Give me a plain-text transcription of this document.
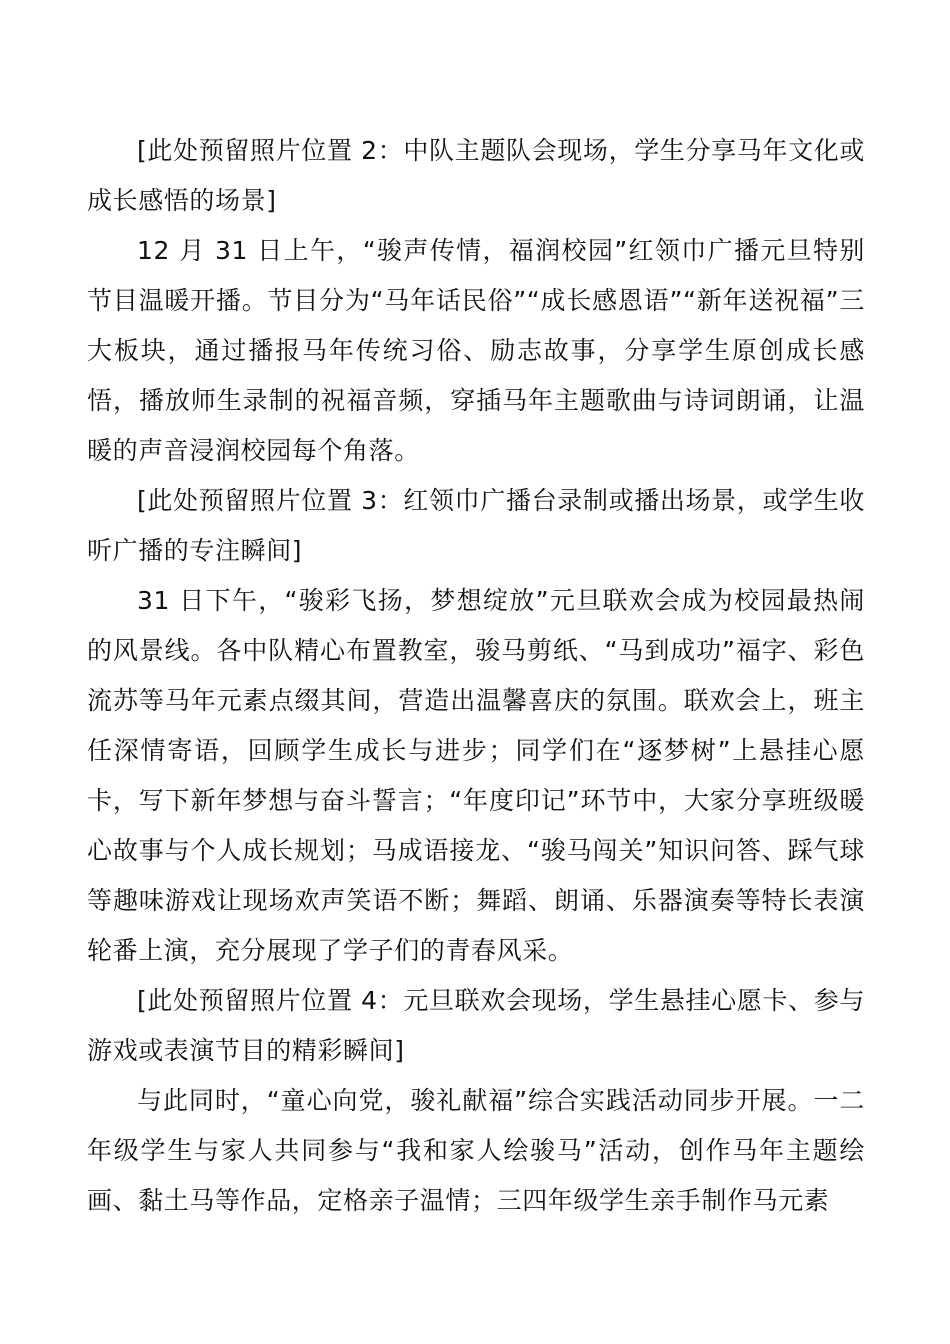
[此处预留照片位置 2：中队主题队会现场，学生分享马年文化或成长感悟的场景]

12 月 31 日上午，“骏声传情，福润校园”红领巾广播元旦特别节目温暖开播。节目分为“马年话民俗”“成长感恩语”“新年送祝福”三大板块，通过播报马年传统习俗、励志故事，分享学生原创成长感悟，播放师生录制的祝福音频，穿插马年主题歌曲与诗词朗诵，让温暖的声音浸润校园每个角落。

[此处预留照片位置 3：红领巾广播台录制或播出场景，或学生收听广播的专注瞬间]

31 日下午，“骏彩飞扬，梦想绽放”元旦联欢会成为校园最热闹的风景线。各中队精心布置教室，骏马剪纸、“马到成功”福字、彩色流苏等马年元素点缀其间，营造出温馨喜庆的氛围。联欢会上，班主任深情寄语，回顾学生成长与进步；同学们在“逐梦树”上悬挂心愿卡，写下新年梦想与奋斗誓言；“年度印记”环节中，大家分享班级暖心故事与个人成长规划；马成语接龙、“骏马闯关”知识问答、踩气球等趣味游戏让现场欢声笑语不断；舞蹈、朗诵、乐器演奏等特长表演轮番上演，充分展现了学子们的青春风采。

[此处预留照片位置 4：元旦联欢会现场，学生悬挂心愿卡、参与游戏或表演节目的精彩瞬间]

与此同时，“童心向党，骏礼献福”综合实践活动同步开展。一二年级学生与家人共同参与“我和家人绘骏马”活动，创作马年主题绘画、黏土马等作品，定格亲子温情；三四年级学生亲手制作马元素
